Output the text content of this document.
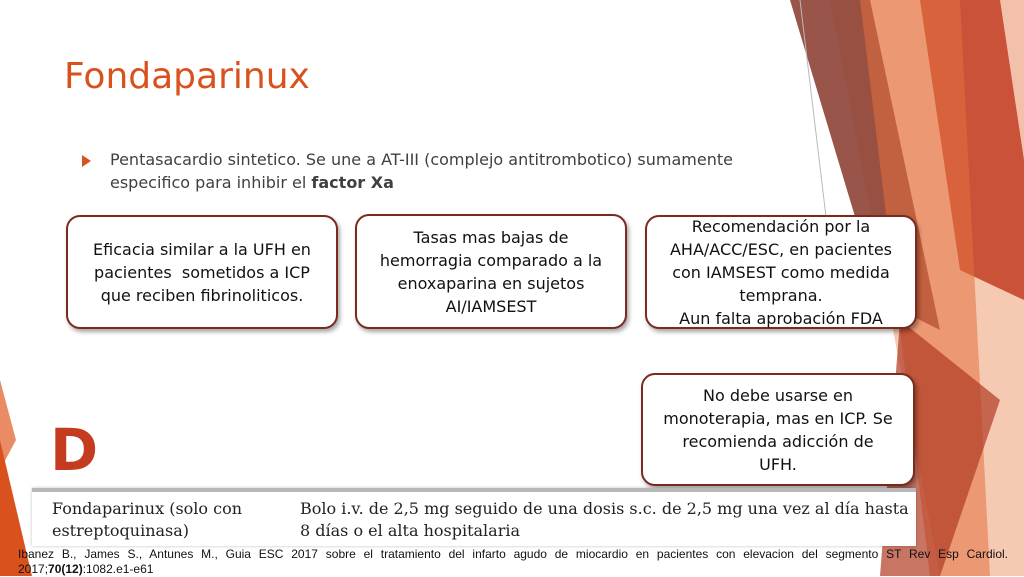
Fondaparinux
Pentasacardio sintetico. Se une a AT-III (complejo antitrombotico) sumamente especifico para inhibir el factor Xa
Eficacia similar a la UFH en
pacientes  sometidos a ICP
que reciben fibrinoliticos.
Tasas mas bajas de
hemorragia comparado a la
enoxaparina en sujetos
AI/IAMSEST
Recomendación por la
AHA/ACC/ESC, en pacientes
con IAMSEST como medida
temprana.
Aun falta aprobación FDA
No debe usarse en
monoterapia, mas en ICP. Se
recomienda adicción de
UFH.
D
Fondaparinux (solo con estreptoquinasa)
Bolo i.v. de 2,5 mg seguido de una dosis s.c. de 2,5 mg una vez al día hasta 8 días o el alta hospitalaria
Ibanez B., James S., Antunes M., Guia ESC 2017 sobre el tratamiento del infarto agudo de miocardio en pacientes con elevacion del segmento ST Rev Esp Cardiol. 2017;70(12):1082.e1-e61
